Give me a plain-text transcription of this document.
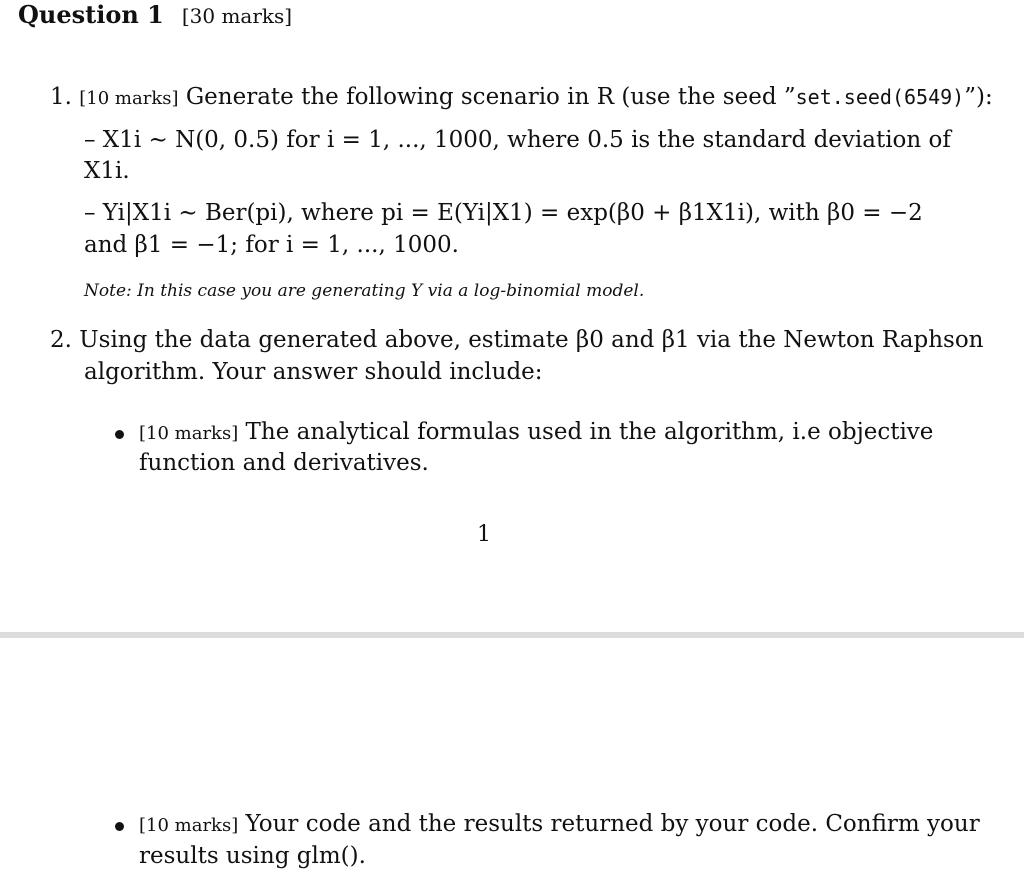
Question 1 [30 marks]
1. [10 marks] Generate the following scenario in R (use the seed ”set.seed(6549)”):
– X1i ∼ N(0, 0.5) for i = 1, ..., 1000, where 0.5 is the standard deviation of
X1i.
– Yi|X1i ∼ Ber(pi), where pi = E(Yi|X1) = exp(β0 + β1X1i), with β0 = −2
and β1 = −1; for i = 1, ..., 1000.
Note: In this case you are generating Y via a log-binomial model.
2. Using the data generated above, estimate β0 and β1 via the Newton Raphson
algorithm. Your answer should include:
[10 marks] The analytical formulas used in the algorithm, i.e objective
function and derivatives.
1
[10 marks] Your code and the results returned by your code. Confirm your
results using glm().
